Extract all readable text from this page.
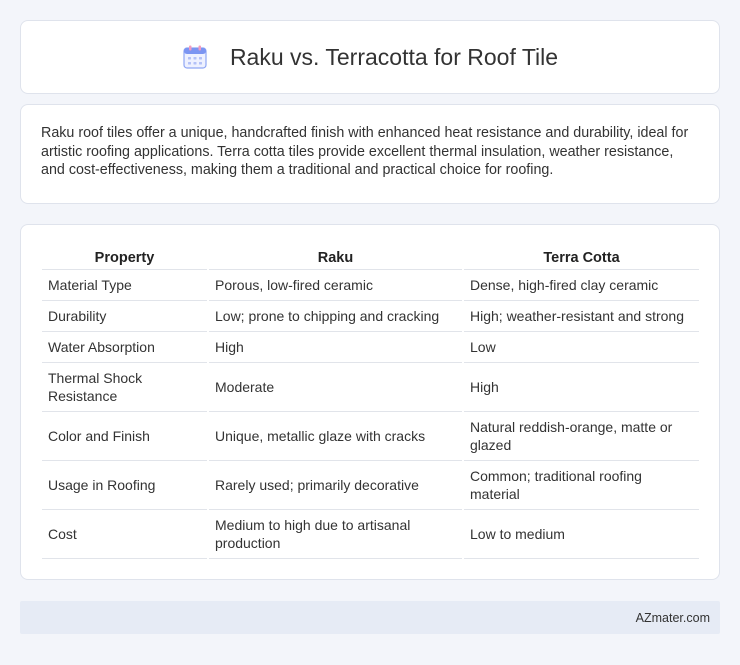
Raku vs. Terracotta for Roof Tile

Raku roof tiles offer a unique, handcrafted finish with enhanced heat resistance and durability, ideal for artistic roofing applications. Terra cotta tiles provide excellent thermal insulation, weather resistance, and cost-effectiveness, making them a traditional and practical choice for roofing.

Property	Raku	Terra Cotta
Material Type	Porous, low-fired ceramic	Dense, high-fired clay ceramic
Durability	Low; prone to chipping and cracking	High; weather-resistant and strong
Water Absorption	High	Low
Thermal Shock Resistance	Moderate	High
Color and Finish	Unique, metallic glaze with cracks	Natural reddish-orange, matte or glazed
Usage in Roofing	Rarely used; primarily decorative	Common; traditional roofing material
Cost	Medium to high due to artisanal production	Low to medium
AZmater.com
